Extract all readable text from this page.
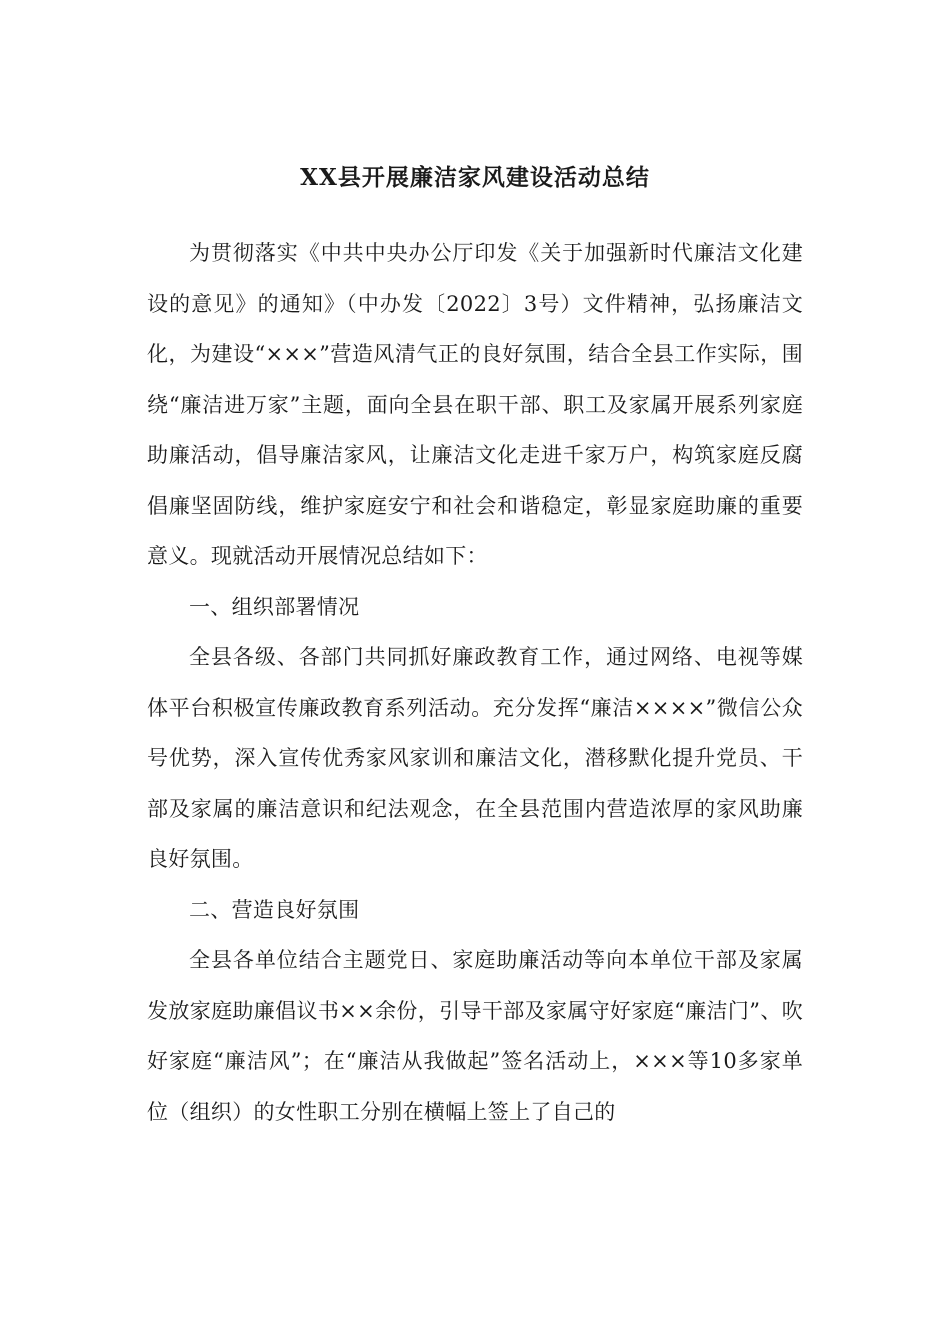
XX县开展廉洁家风建设活动总结

为贯彻落实《中共中央办公厅印发《关于加强新时代廉洁文化建设的意见》的通知》（中办发〔2022〕3号）文件精神，弘扬廉洁文化，为建设“×××”营造风清气正的良好氛围，结合全县工作实际，围绕“廉洁进万家”主题，面向全县在职干部、职工及家属开展系列家庭助廉活动，倡导廉洁家风，让廉洁文化走进千家万户，构筑家庭反腐倡廉坚固防线，维护家庭安宁和社会和谐稳定，彰显家庭助廉的重要意义。现就活动开展情况总结如下：

一、组织部署情况

全县各级、各部门共同抓好廉政教育工作，通过网络、电视等媒体平台积极宣传廉政教育系列活动。充分发挥“廉洁××××”微信公众号优势，深入宣传优秀家风家训和廉洁文化，潜移默化提升党员、干部及家属的廉洁意识和纪法观念，在全县范围内营造浓厚的家风助廉良好氛围。

二、营造良好氛围

全县各单位结合主题党日、家庭助廉活动等向本单位干部及家属发放家庭助廉倡议书××余份，引导干部及家属守好家庭“廉洁门”、吹好家庭“廉洁风”；在“廉洁从我做起”签名活动上，×××等10多家单位（组织）的女性职工分别在横幅上签上了自己的
